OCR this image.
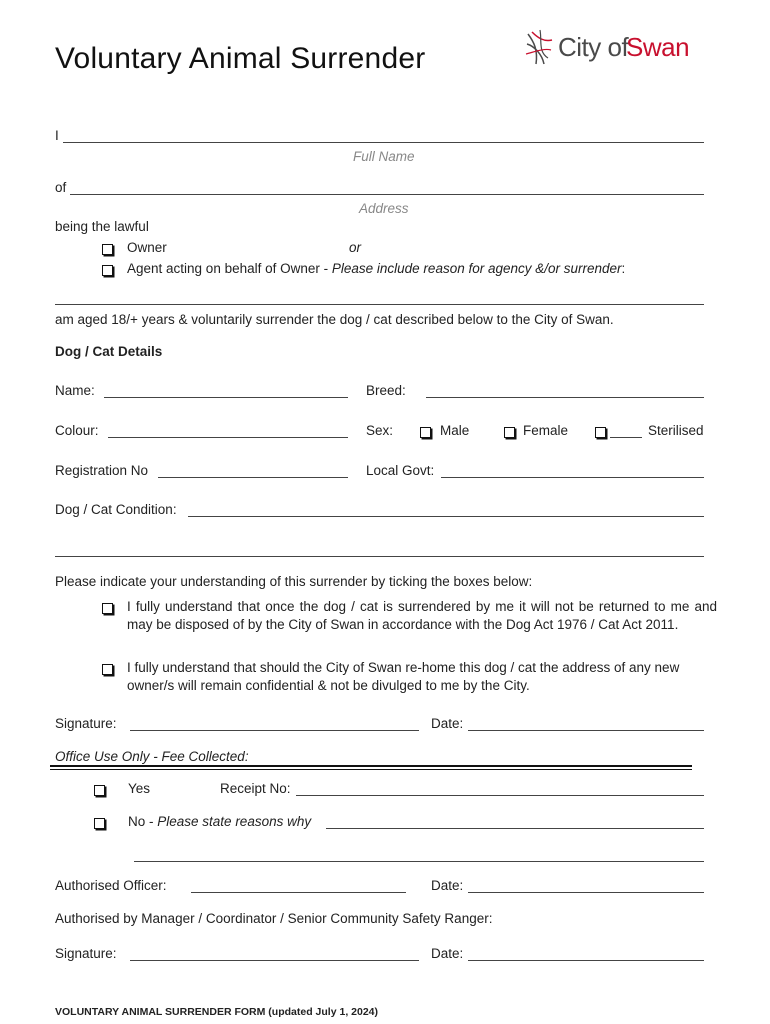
Voluntary Animal Surrender	City of
Swan
I
Full Name
of
Address
being the lawful
Owner	or
Agent acting on behalf of Owner - Please include reason for agency &/or surrender:
am aged 18/+ years & voluntarily surrender the dog / cat described below to the City of Swan.
Dog / Cat Details
Name:	Breed:
Colour:	Sex:	Male	Female	Sterilised
Registration No	Local Govt:
Dog / Cat Condition:
Please indicate your understanding of this surrender by ticking the boxes below:
I fully understand that once the dog / cat is surrendered by me it will not be returned to me and may be disposed of by the City of Swan in accordance with the Dog Act 1976 / Cat Act 2011.
I fully understand that should the City of Swan re-home this dog / cat the address of any new owner/s will remain confidential & not be divulged to me by the City.
Signature:	Date:
Office Use Only - Fee Collected:
Yes	Receipt No:
No - Please state reasons why
Authorised Officer:	Date:
Authorised by Manager / Coordinator / Senior Community Safety Ranger:
Signature:	Date:
VOLUNTARY ANIMAL SURRENDER FORM (updated July 1, 2024)
